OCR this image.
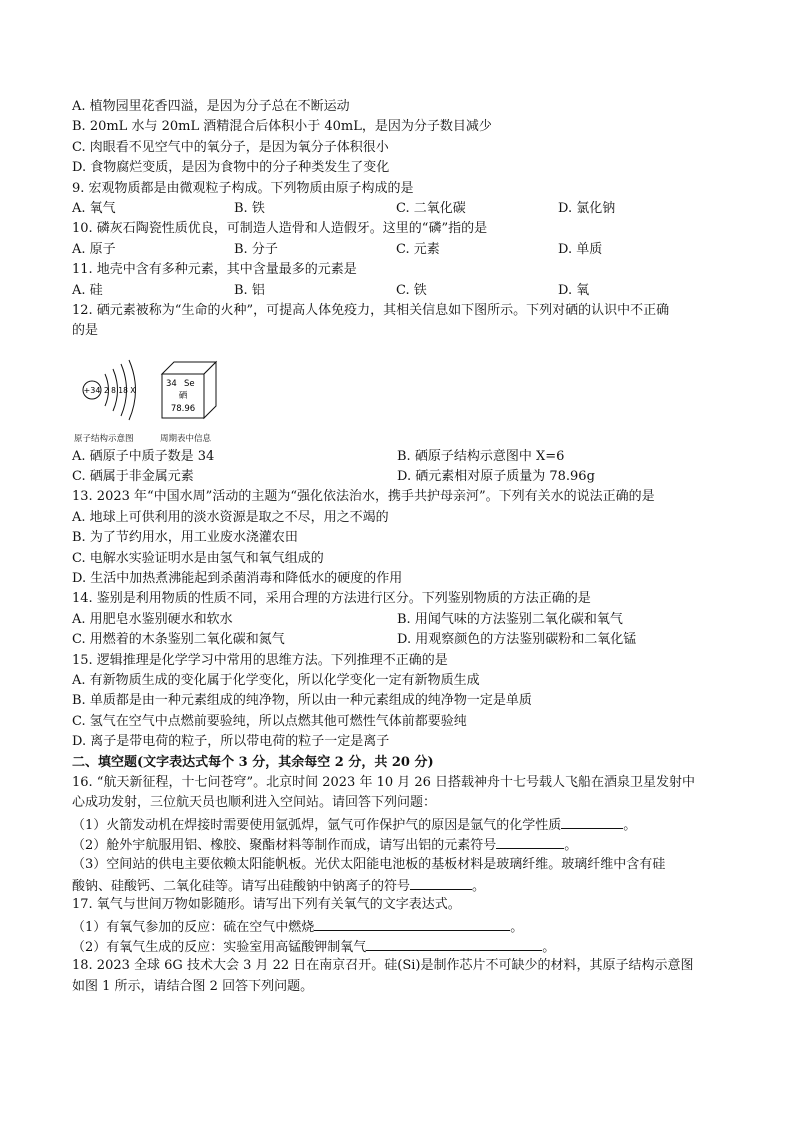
A. 植物园里花香四溢，是因为分子总在不断运动
B. 20mL 水与 20mL 酒精混合后体积小于 40mL，是因为分子数目减少
C. 肉眼看不见空气中的氧分子，是因为氧分子体积很小
D. 食物腐烂变质，是因为食物中的分子种类发生了变化
9. 宏观物质都是由微观粒子构成。下列物质由原子构成的是
A. 氧气	B. 铁	C. 二氧化碳	D. 氯化钠
10. 磷灰石陶瓷性质优良，可制造人造骨和人造假牙。这里的“磷”指的是
A. 原子	B. 分子	C. 元素	D. 单质
11. 地壳中含有多种元素，其中含量最多的元素是
A. 硅	B. 铝	C. 铁	D. 氧
12. 硒元素被称为“生命的火种”，可提高人体免疫力，其相关信息如下图所示。下列对硒的认识中不正确
的是
+34 2 8 18 X
原子结构示意图
34 Se
硒
78.96
周期表中信息
A. 硒原子中质子数是 34	B. 硒原子结构示意图中 X=6
C. 硒属于非金属元素	D. 硒元素相对原子质量为 78.96g
13. 2023 年“中国水周”活动的主题为“强化依法治水，携手共护母亲河”。下列有关水的说法正确的是
A. 地球上可供利用的淡水资源是取之不尽，用之不竭的
B. 为了节约用水，用工业废水浇灌农田
C. 电解水实验证明水是由氢气和氧气组成的
D. 生活中加热煮沸能起到杀菌消毒和降低水的硬度的作用
14. 鉴别是利用物质的性质不同，采用合理的方法进行区分。下列鉴别物质的方法正确的是
A. 用肥皂水鉴别硬水和软水	B. 用闻气味的方法鉴别二氧化碳和氧气
C. 用燃着的木条鉴别二氧化碳和氮气	D. 用观察颜色的方法鉴别碳粉和二氧化锰
15. 逻辑推理是化学学习中常用的思维方法。下列推理不正确的是
A. 有新物质生成的变化属于化学变化，所以化学变化一定有新物质生成
B. 单质都是由一种元素组成的纯净物，所以由一种元素组成的纯净物一定是单质
C. 氢气在空气中点燃前要验纯，所以点燃其他可燃性气体前都要验纯
D. 离子是带电荷的粒子，所以带电荷的粒子一定是离子
二、填空题(文字表达式每个 3 分，其余每空 2 分，共 20 分)
16. “航天新征程，十七问苍穹”。北京时间 2023 年 10 月 26 日搭载神舟十七号载人飞船在酒泉卫星发射中
心成功发射，三位航天员也顺利进入空间站。请回答下列问题：
（1）火箭发动机在焊接时需要使用氩弧焊，氩气可作保护气的原因是氩气的化学性质	。
（2）舱外宇航服用铝、橡胶、聚酯材料等制作而成，请写出铝的元素符号	。
（3）空间站的供电主要依赖太阳能帆板。光伏太阳能电池板的基板材料是玻璃纤维。玻璃纤维中含有硅
酸钠、硅酸钙、二氧化硅等。请写出硅酸钠中钠离子的符号	。
17. 氧气与世间万物如影随形。请写出下列有关氧气的文字表达式。
（1）有氧气参加的反应：硫在空气中燃烧	。
（2）有氧气生成的反应：实验室用高锰酸钾制氧气	。
18. 2023 全球 6G 技术大会 3 月 22 日在南京召开。硅(Si)是制作芯片不可缺少的材料，其原子结构示意图
如图 1 所示，请结合图 2 回答下列问题。
